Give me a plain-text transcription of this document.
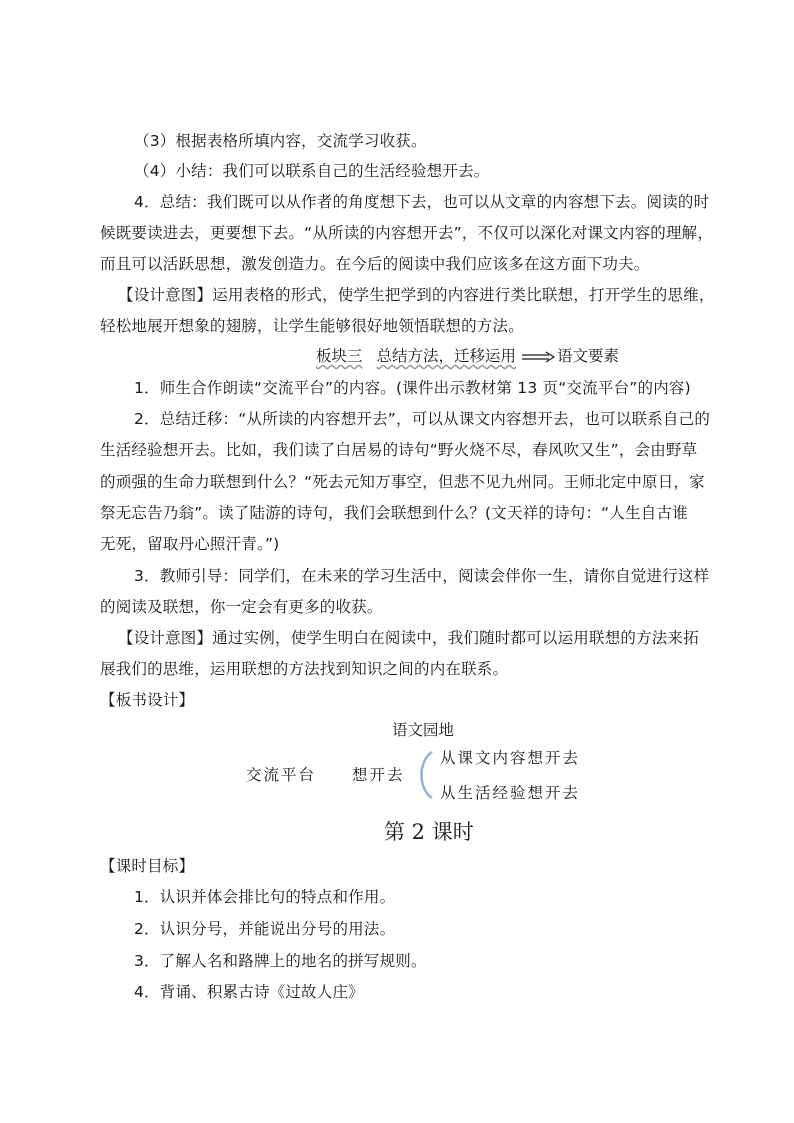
（3）根据表格所填内容，交流学习收获。
（4）小结：我们可以联系自己的生活经验想开去。
4．总结：我们既可以从作者的角度想下去，也可以从文章的内容想下去。阅读的时
候既要读进去，更要想下去。“从所读的内容想开去”，不仅可以深化对课文内容的理解，
而且可以活跃思想，激发创造力。在今后的阅读中我们应该多在这方面下功夫。
【设计意图】运用表格的形式，使学生把学到的内容进行类比联想，打开学生的思维，
轻松地展开想象的翅膀，让学生能够很好地领悟联想的方法。
板块三 总结方法，迁移运用	语文要素
1．师生合作朗读“交流平台”的内容。(课件出示教材第 13 页“交流平台”的内容)
2．总结迁移：“从所读的内容想开去”，可以从课文内容想开去，也可以联系自己的
生活经验想开去。比如，我们读了白居易的诗句“野火烧不尽，春风吹又生”，会由野草
的顽强的生命力联想到什么？“死去元知万事空，但悲不见九州同。王师北定中原日，家
祭无忘告乃翁”。读了陆游的诗句，我们会联想到什么？(文天祥的诗句：“人生自古谁
无死，留取丹心照汗青。”)
3．教师引导：同学们，在未来的学习生活中，阅读会伴你一生，请你自觉进行这样
的阅读及联想，你一定会有更多的收获。
【设计意图】通过实例，使学生明白在阅读中，我们随时都可以运用联想的方法来拓
展我们的思维，运用联想的方法找到知识之间的内在联系。
【板书设计】
语文园地
交流平台 想开去
从课文内容想开去
从生活经验想开去
第 2 课时
【课时目标】
1．认识并体会排比句的特点和作用。
2．认识分号，并能说出分号的用法。
3．了解人名和路牌上的地名的拼写规则。
4．背诵、积累古诗《过故人庄》
